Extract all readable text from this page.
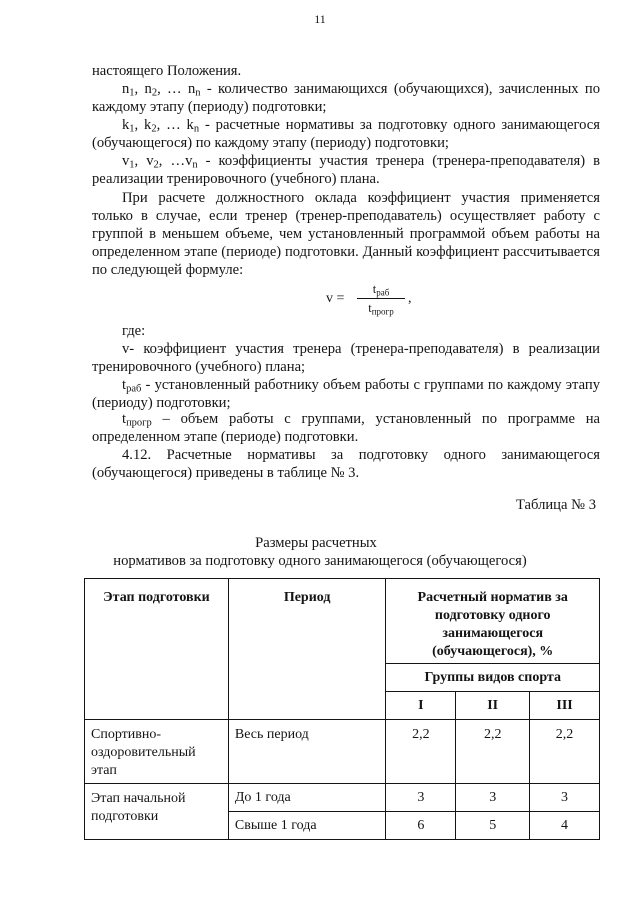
11

настоящего Положения.

$n_1$, $n_2$, … $n_n$ - количество занимающихся (обучающихся), зачисленных по каждому этапу (периоду) подготовки;

$k_1$, $k_2$, … $k_n$ - расчетные нормативы за подготовку одного занимающегося (обучающегося) по каждому этапу (периоду) подготовки;

$v_1$, $v_2$, $\dots v_n$ - коэффициенты участия тренера (тренера-преподавателя) в реализации тренировочного (учебного) плана.

При расчете должностного оклада коэффициент участия применяется только в случае, если тренер (тренер-преподаватель) осуществляет работу с группой в меньшем объеме, чем установленный программой объем работы на определенном этапе (периоде) подготовки. Данный коэффициент рассчитывается по следующей формуле:

v =
$t_{раб}$
$t_{прогр}$
,

где:

v- коэффициент участия тренера (тренера-преподавателя) в реализации тренировочного (учебного) плана;

$t_{раб}$ - установленный работнику объем работы с группами по каждому этапу (периоду) подготовки;

$t_{прогр}$ – объем работы с группами, установленный по программе на определенном этапе (периоде) подготовки.

4.12. Расчетные нормативы за подготовку одного занимающегося (обучающегося) приведены в таблице № 3.

Таблица № 3
Размеры расчетных
нормативов за подготовку одного занимающегося (обучающегося)
Этап подготовки	Период	Расчетный норматив за подготовку одного занимающегося (обучающегося), %		
		Группы видов спорта		
		I	II	III
Спортивно-оздоровительный этап	Весь период	2,2	2,2	2,2
Этап начальной подготовки	До 1 года	3	3	3
	Свыше 1 года	6	5	4
